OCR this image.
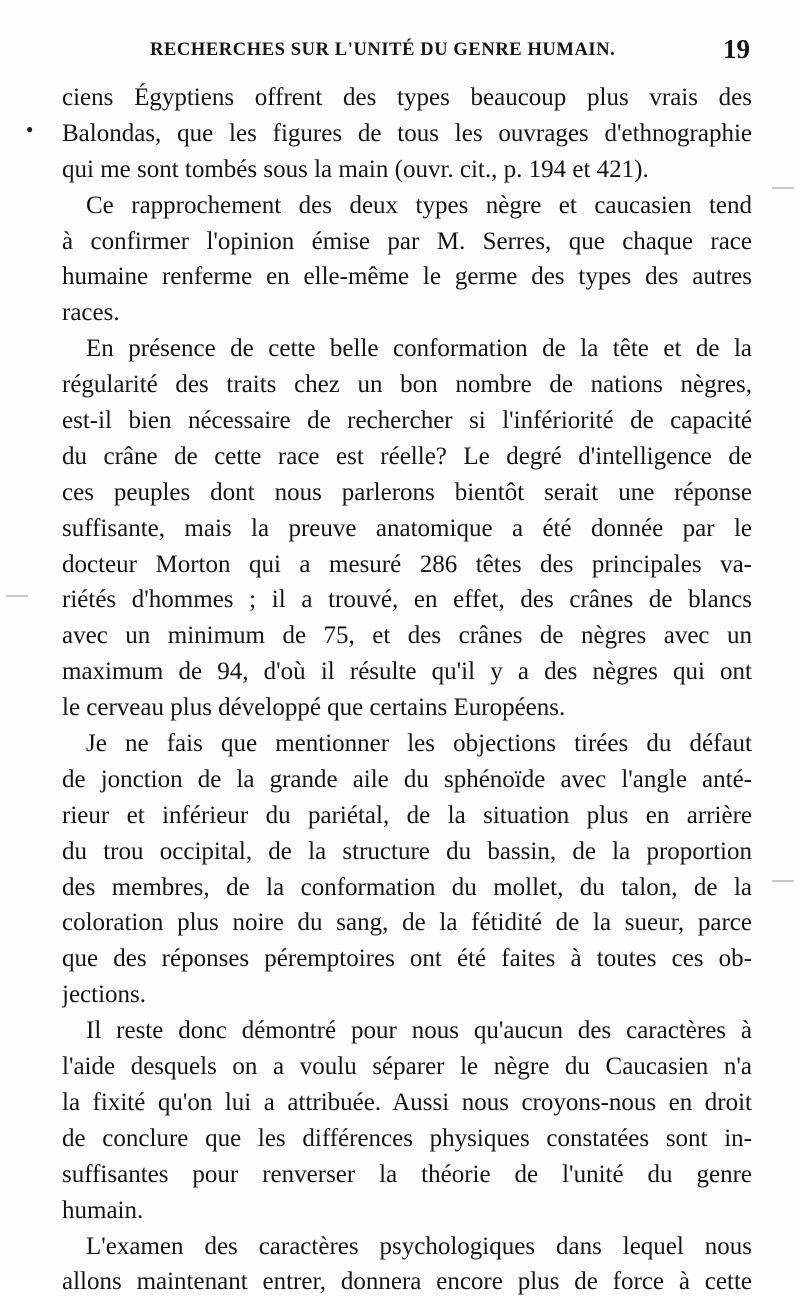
RECHERCHES SUR L'UNITÉ DU GENRE HUMAIN.	19
●
ciens Égyptiens offrent des types beaucoup plus vrais des
Balondas, que les figures de tous les ouvrages d'ethnographie
qui me sont tombés sous la main (ouvr. cit., p. 194 et 421).
Ce rapprochement des deux types nègre et caucasien tend
à confirmer l'opinion émise par M. Serres, que chaque race
humaine renferme en elle-même le germe des types des autres
races.
En présence de cette belle conformation de la tête et de la
régularité des traits chez un bon nombre de nations nègres,
est-il bien nécessaire de rechercher si l'infériorité de capacité
du crâne de cette race est réelle? Le degré d'intelligence de
ces peuples dont nous parlerons bientôt serait une réponse
suffisante, mais la preuve anatomique a été donnée par le
docteur Morton qui a mesuré 286 têtes des principales va-
riétés d'hommes ; il a trouvé, en effet, des crânes de blancs
avec un minimum de 75, et des crânes de nègres avec un
maximum de 94, d'où il résulte qu'il y a des nègres qui ont
le cerveau plus développé que certains Européens.
Je ne fais que mentionner les objections tirées du défaut
de jonction de la grande aile du sphénoïde avec l'angle anté-
rieur et inférieur du pariétal, de la situation plus en arrière
du trou occipital, de la structure du bassin, de la proportion
des membres, de la conformation du mollet, du talon, de la
coloration plus noire du sang, de la fétidité de la sueur, parce
que des réponses péremptoires ont été faites à toutes ces ob-
jections.
Il reste donc démontré pour nous qu'aucun des caractères à
l'aide desquels on a voulu séparer le nègre du Caucasien n'a
la fixité qu'on lui a attribuée. Aussi nous croyons-nous en droit
de conclure que les différences physiques constatées sont in-
suffisantes pour renverser la théorie de l'unité du genre
humain.
L'examen des caractères psychologiques dans lequel nous
allons maintenant entrer, donnera encore plus de force à cette
